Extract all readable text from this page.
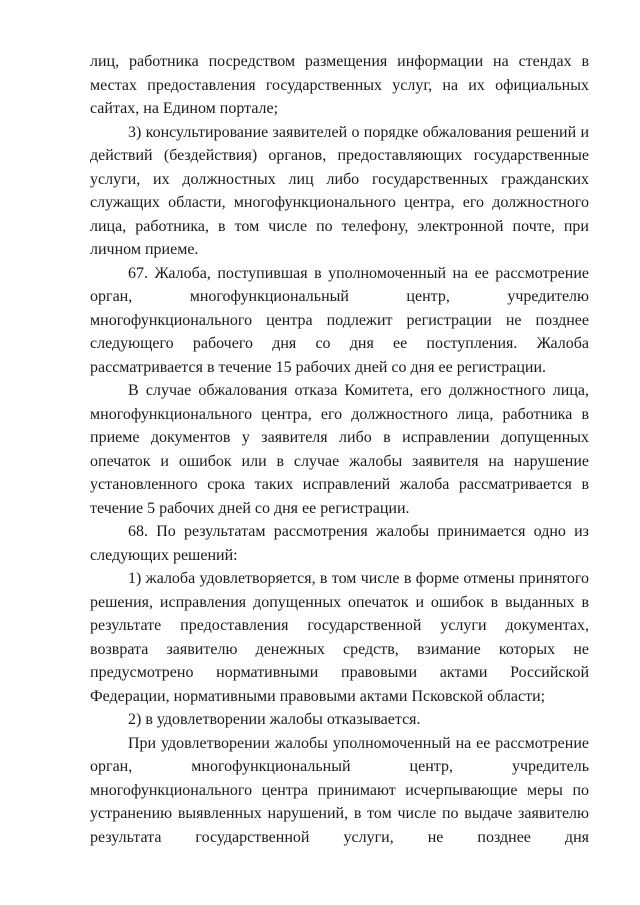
лиц, работника посредством размещения информации на стендах в местах предоставления государственных услуг, на их официальных сайтах, на Едином портале;

3) консультирование заявителей о порядке обжалования решений и действий (бездействия) органов, предоставляющих государственные услуги, их должностных лиц либо государственных гражданских служащих области, многофункционального центра, его должностного лица, работника, в том числе по телефону, электронной почте, при личном приеме.

67. Жалоба, поступившая в уполномоченный на ее рассмотрение орган, многофункциональный центр, учредителю многофункционального центра подлежит регистрации не позднее следующего рабочего дня со дня ее поступления. Жалоба рассматривается в течение 15 рабочих дней со дня ее регистрации.

В случае обжалования отказа Комитета, его должностного лица, многофункционального центра, его должностного лица, работника в приеме документов у заявителя либо в исправлении допущенных опечаток и ошибок или в случае жалобы заявителя на нарушение установленного срока таких исправлений жалоба рассматривается в течение 5 рабочих дней со дня ее регистрации.

68. По результатам рассмотрения жалобы принимается одно из следующих решений:

1) жалоба удовлетворяется, в том числе в форме отмены принятого решения, исправления допущенных опечаток и ошибок в выданных в результате предоставления государственной услуги документах, возврата заявителю денежных средств, взимание которых не предусмотрено нормативными правовыми актами Российской Федерации, нормативными правовыми актами Псковской области;

2) в удовлетворении жалобы отказывается.

При удовлетворении жалобы уполномоченный на ее рассмотрение орган, многофункциональный центр, учредитель многофункционального центра принимают исчерпывающие меры по устранению выявленных нарушений, в том числе по выдаче заявителю результата государственной услуги, не позднее дня
